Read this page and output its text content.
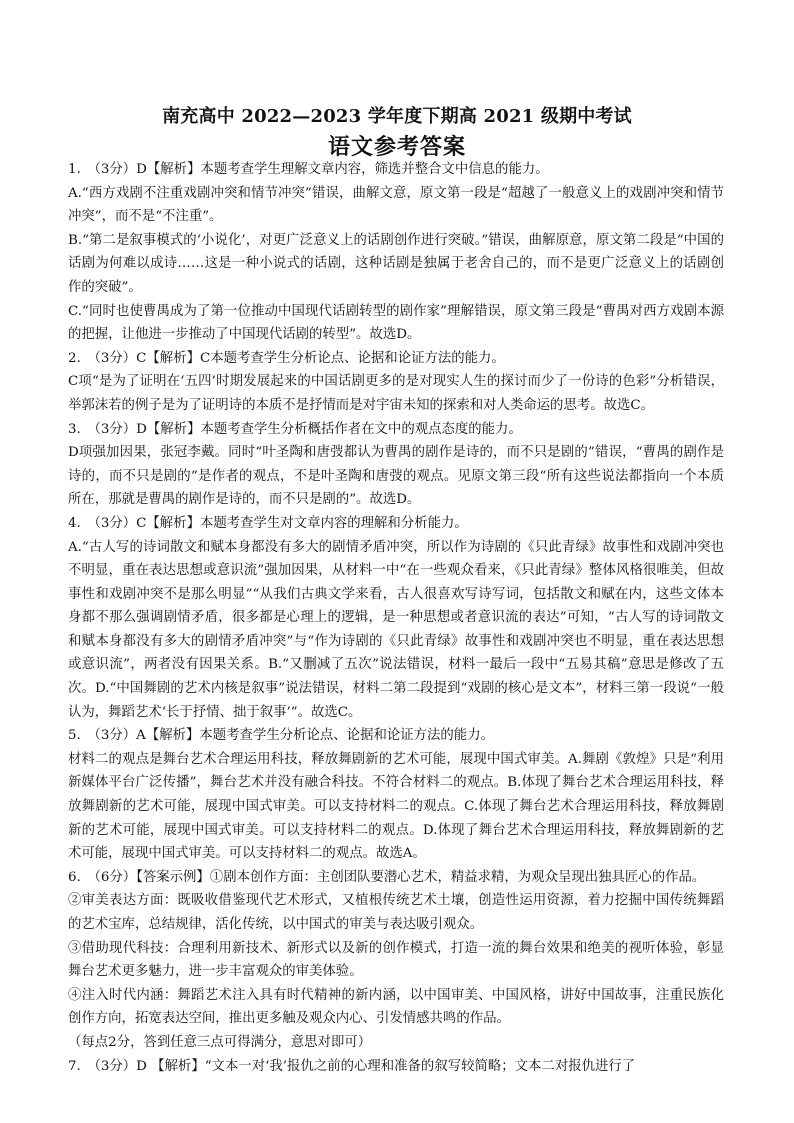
南充高中 2022—2023 学年度下期高 2021 级期中考试
语文参考答案

1.　（3分）D【解析】本题考查学生理解文章内容，筛选并整合文中信息的能力。

A.“西方戏剧不注重戏剧冲突和情节冲突”错误，曲解文意，原文第一段是“超越了一般意义上的戏剧冲突和情节冲突”，而不是“不注重”。

B.“第二是叙事模式的‘小说化’，对更广泛意义上的话剧创作进行突破。”错误，曲解原意，原文第二段是“中国的话剧为何难以成诗……这是一种小说式的话剧，这种话剧是独属于老舍自己的，而不是更广泛意义上的话剧创作的突破”。

C.“同时也使曹禺成为了第一位推动中国现代话剧转型的剧作家”理解错误，原文第三段是“曹禺对西方戏剧本源的把握，让他进一步推动了中国现代话剧的转型”。故选D。

2.　（3分）C【解析】C本题考查学生分析论点、论据和论证方法的能力。

C项“是为了证明在‘五四’时期发展起来的中国话剧更多的是对现实人生的探讨而少了一份诗的色彩”分析错误，举郭沫若的例子是为了证明诗的本质不是抒情而是对宇宙未知的探索和对人类命运的思考。故选C。

3.　（3分）D【解析】本题考查学生分析概括作者在文中的观点态度的能力。

D项强加因果，张冠李戴。同时“叶圣陶和唐弢都认为曹禺的剧作是诗的，而不只是剧的”错误，“曹禺的剧作是诗的，而不只是剧的”是作者的观点，不是叶圣陶和唐弢的观点。见原文第三段“所有这些说法都指向一个本质所在，那就是曹禺的剧作是诗的，而不只是剧的”。故选D。

4.　（3分）C【解析】本题考查学生对文章内容的理解和分析能力。

A.“古人写的诗词散文和赋本身都没有多大的剧情矛盾冲突，所以作为诗剧的《只此青绿》故事性和戏剧冲突也不明显，重在表达思想或意识流”强加因果，从材料一中“在一些观众看来，《只此青绿》整体风格很唯美，但故事性和戏剧冲突不是那么明显”“从我们古典文学来看，古人很喜欢写诗写词，包括散文和赋在内，这些文体本身都不那么强调剧情矛盾，很多都是心理上的逻辑，是一种思想或者意识流的表达”可知，“古人写的诗词散文和赋本身都没有多大的剧情矛盾冲突”与“作为诗剧的《只此青绿》故事性和戏剧冲突也不明显，重在表达思想或意识流”，两者没有因果关系。B.“又删减了五次”说法错误，材料一最后一段中“五易其稿”意思是修改了五次。D.“中国舞剧的艺术内核是叙事”说法错误，材料二第二段提到“戏剧的核心是文本”，材料三第一段说“一般认为，舞蹈艺术‘长于抒情、拙于叙事’”。故选C。

5.　（3分）A【解析】本题考查学生分析论点、论据和论证方法的能力。

材料二的观点是舞台艺术合理运用科技，释放舞剧新的艺术可能，展现中国式审美。A.舞剧《敦煌》只是“利用新媒体平台广泛传播”，舞台艺术并没有融合科技。不符合材料二的观点。B.体现了舞台艺术合理运用科技，释放舞剧新的艺术可能，展现中国式审美。可以支持材料二的观点。C.体现了舞台艺术合理运用科技，释放舞剧新的艺术可能，展现中国式审美。可以支持材料二的观点。D.体现了舞台艺术合理运用科技，释放舞剧新的艺术可能，展现中国式审美。可以支持材料二的观点。故选A。

6.　（6分）【答案示例】①剧本创作方面：主创团队要潜心艺术，精益求精，为观众呈现出独具匠心的作品。

②审美表达方面：既吸收借鉴现代艺术形式，又植根传统艺术土壤，创造性运用资源，着力挖掘中国传统舞蹈的艺术宝库，总结规律，活化传统，以中国式的审美与表达吸引观众。

③借助现代科技：合理利用新技术、新形式以及新的创作模式，打造一流的舞台效果和绝美的视听体验，彰显舞台艺术更多魅力，进一步丰富观众的审美体验。

④注入时代内涵：舞蹈艺术注入具有时代精神的新内涵，以中国审美、中国风格，讲好中国故事，注重民族化创作方向，拓宽表达空间，推出更多触及观众内心、引发情感共鸣的作品。

（每点2分，答到任意三点可得满分，意思对即可）

7.　（3分）D 【解析】“文本一对‘我’报仇之前的心理和准备的叙写较简略；文本二对报仇进行了
